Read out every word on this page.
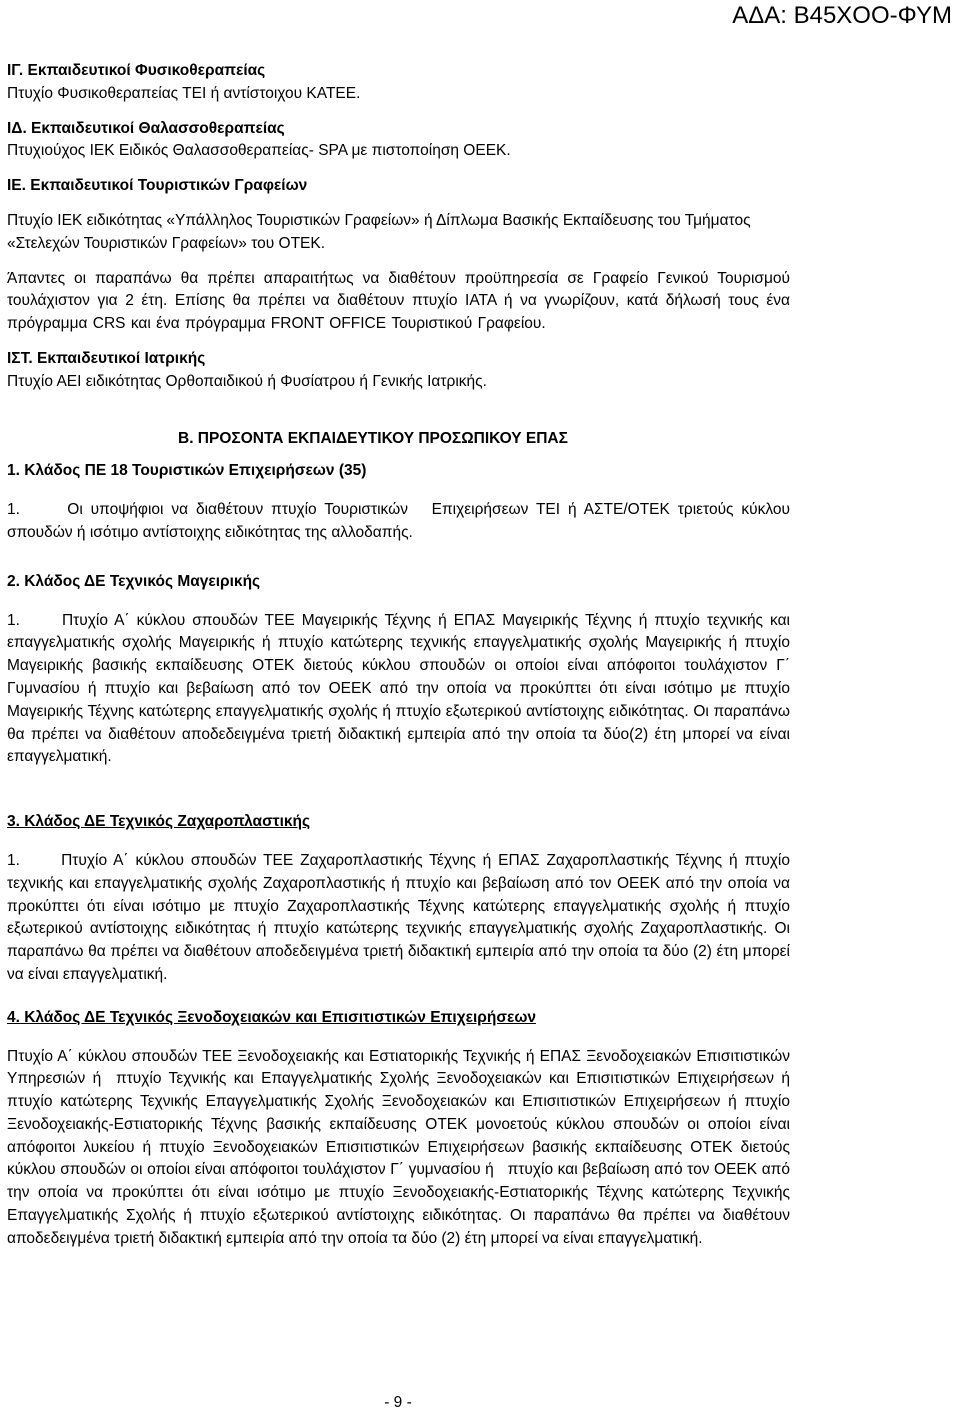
ΑΔΑ: Β45ΧΟΟ-ΦΥΜ

ΙΓ. Εκπαιδευτικοί Φυσικοθεραπείας

Πτυχίο Φυσικοθεραπείας ΤΕΙ ή αντίστοιχου ΚΑΤΕΕ.

ΙΔ. Εκπαιδευτικοί Θαλασσοθεραπείας

Πτυχιούχος ΙΕΚ Ειδικός Θαλασσοθεραπείας- SPA με πιστοποίηση ΟΕΕΚ.

ΙΕ. Εκπαιδευτικοί Τουριστικών Γραφείων

Πτυχίο ΙΕΚ ειδικότητας «Υπάλληλος Τουριστικών Γραφείων» ή Δίπλωμα Βασικής Εκπαίδευσης του Τμήματος «Στελεχών Τουριστικών Γραφείων» του ΟΤΕΚ.

Άπαντες οι παραπάνω θα πρέπει απαραιτήτως να διαθέτουν προϋπηρεσία σε Γραφείο Γενικού Τουρισμού τουλάχιστον για 2 έτη. Επίσης θα πρέπει να διαθέτουν πτυχίο ΙΑΤΑ ή να γνωρίζουν, κατά δήλωσή τους ένα πρόγραμμα CRS και ένα πρόγραμμα FRONT OFFICE Τουριστικού Γραφείου.

ΙΣΤ. Εκπαιδευτικοί Ιατρικής

Πτυχίο ΑΕΙ ειδικότητας Ορθοπαιδικού ή Φυσίατρου ή Γενικής Ιατρικής.

Β. ΠΡΟΣΟΝΤΑ ΕΚΠΑΙΔΕΥΤΙΚΟΥ ΠΡΟΣΩΠΙΚΟΥ ΕΠΑΣ

1. Κλάδος ΠΕ 18 Τουριστικών Επιχειρήσεων (35)

1.      Οι υποψήφιοι να διαθέτουν πτυχίο Τουριστικών   Επιχειρήσεων ΤΕΙ ή ΑΣΤΕ/ΟΤΕΚ τριετούς κύκλου σπουδών ή ισότιμο αντίστοιχης ειδικότητας της αλλοδαπής.

2. Κλάδος ΔΕ Τεχνικός Μαγειρικής

1.      Πτυχίο Α΄ κύκλου σπουδών ΤΕΕ Μαγειρικής Τέχνης ή ΕΠΑΣ Μαγειρικής Τέχνης ή πτυχίο τεχνικής και επαγγελματικής σχολής Μαγειρικής ή πτυχίο κατώτερης τεχνικής επαγγελματικής σχολής Μαγειρικής ή πτυχίο Μαγειρικής βασικής εκπαίδευσης ΟΤΕΚ διετούς κύκλου σπουδών οι οποίοι είναι απόφοιτοι τουλάχιστον Γ΄ Γυμνασίου ή πτυχίο και βεβαίωση από τον ΟΕΕΚ από την οποία να προκύπτει ότι είναι ισότιμο με πτυχίο Μαγειρικής Τέχνης κατώτερης επαγγελματικής σχολής ή πτυχίο εξωτερικού αντίστοιχης ειδικότητας. Οι παραπάνω θα πρέπει να διαθέτουν αποδεδειγμένα τριετή διδακτική εμπειρία από την οποία τα δύο(2) έτη μπορεί να είναι επαγγελματική.

3. Κλάδος ΔΕ Τεχνικός Ζαχαροπλαστικής

1.      Πτυχίο Α΄ κύκλου σπουδών ΤΕΕ Ζαχαροπλαστικής Τέχνης ή ΕΠΑΣ Ζαχαροπλαστικής Τέχνης ή πτυχίο τεχνικής και επαγγελματικής σχολής Ζαχαροπλαστικής ή πτυχίο και βεβαίωση από τον ΟΕΕΚ από την οποία να προκύπτει ότι είναι ισότιμο με πτυχίο Ζαχαροπλαστικής Τέχνης κατώτερης επαγγελματικής σχολής ή πτυχίο εξωτερικού αντίστοιχης ειδικότητας ή πτυχίο κατώτερης τεχνικής επαγγελματικής σχολής Ζαχαροπλαστικής. Οι παραπάνω θα πρέπει να διαθέτουν αποδεδειγμένα τριετή διδακτική εμπειρία από την οποία τα δύο (2) έτη μπορεί να είναι επαγγελματική.

4. Κλάδος ΔΕ Τεχνικός Ξενοδοχειακών και Επισιτιστικών Επιχειρήσεων

Πτυχίο Α΄ κύκλου σπουδών ΤΕΕ Ξενοδοχειακής και Εστιατορικής Τεχνικής ή ΕΠΑΣ Ξενοδοχειακών Επισιτιστικών Υπηρεσιών ή  πτυχίο Τεχνικής και Επαγγελματικής Σχολής Ξενοδοχειακών και Επισιτιστικών Επιχειρήσεων ή πτυχίο κατώτερης Τεχνικής Επαγγελματικής Σχολής Ξενοδοχειακών και Επισιτιστικών Επιχειρήσεων ή πτυχίο Ξενοδοχειακής-Εστιατορικής Τέχνης βασικής εκπαίδευσης ΟΤΕΚ μονοετούς κύκλου σπουδών οι οποίοι είναι απόφοιτοι λυκείου ή πτυχίο Ξενοδοχειακών Επισιτιστικών Επιχειρήσεων βασικής εκπαίδευσης ΟΤΕΚ διετούς κύκλου σπουδών οι οποίοι είναι απόφοιτοι τουλάχιστον Γ΄ γυμνασίου ή   πτυχίο και βεβαίωση από τον ΟΕΕΚ από την οποία να προκύπτει ότι είναι ισότιμο με πτυχίο Ξενοδοχειακής-Εστιατορικής Τέχνης κατώτερης Τεχνικής Επαγγελματικής Σχολής ή πτυχίο εξωτερικού αντίστοιχης ειδικότητας. Οι παραπάνω θα πρέπει να διαθέτουν αποδεδειγμένα τριετή διδακτική εμπειρία από την οποία τα δύο (2) έτη μπορεί να είναι επαγγελματική.

- 9 -
